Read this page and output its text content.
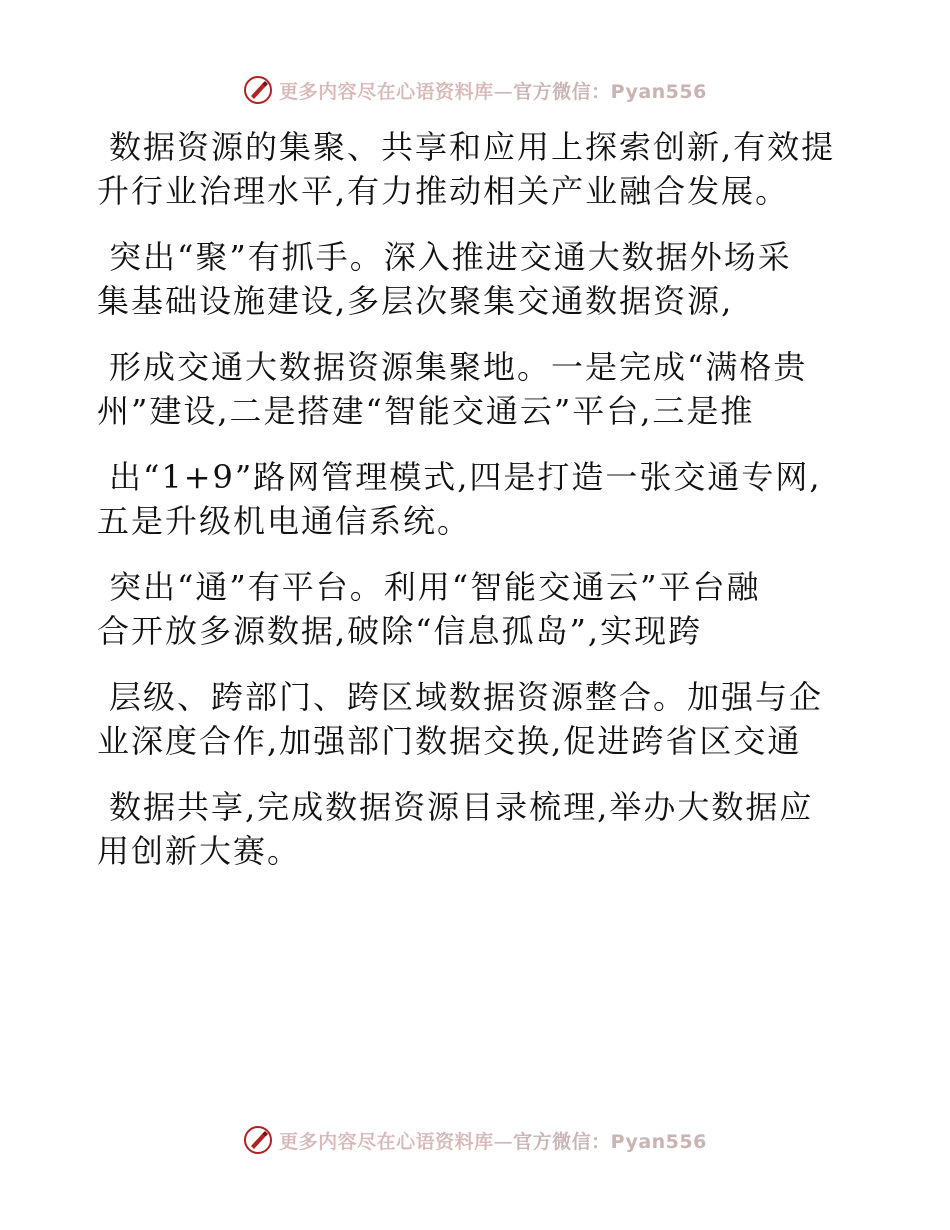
更多内容尽在心语资料库—官方微信：Pyan556
数据资源的集聚、共享和应用上探索创新,有效提
升行业治理水平,有力推动相关产业融合发展。
突出“聚”有抓手。深入推进交通大数据外场采
集基础设施建设,多层次聚集交通数据资源,
形成交通大数据资源集聚地。一是完成“满格贵
州”建设,二是搭建“智能交通云”平台,三是推
出“1+9”路网管理模式,四是打造一张交通专网,
五是升级机电通信系统。
突出“通”有平台。利用“智能交通云”平台融
合开放多源数据,破除“信息孤岛”,实现跨
层级、跨部门、跨区域数据资源整合。加强与企
业深度合作,加强部门数据交换,促进跨省区交通
数据共享,完成数据资源目录梳理,举办大数据应
用创新大赛。
更多内容尽在心语资料库—官方微信：Pyan556
